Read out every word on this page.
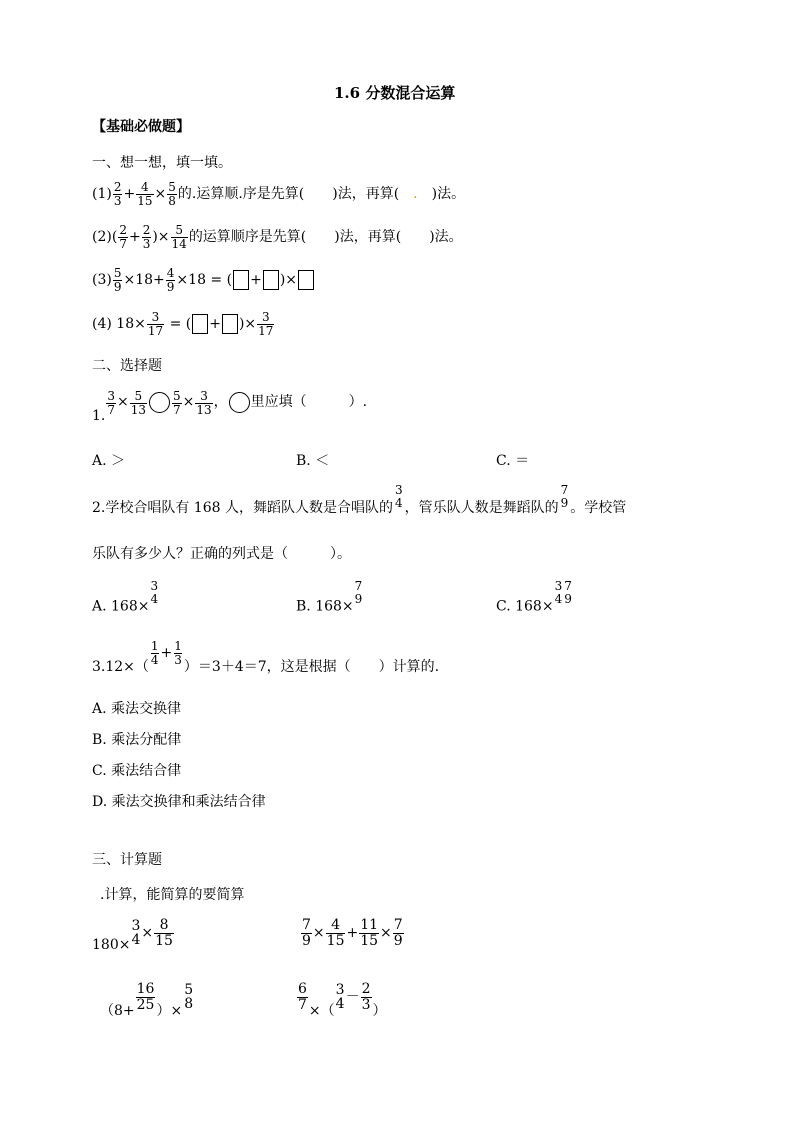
1.6 分数混合运算
【基础必做题】
一、想一想，填一填。
$(1) \frac{2}{3} + \frac{4}{15} \times \frac{5}{8}$ 的.运算顺.序是先算(　　)法，再算(　.　)法。
$(2)( \frac{2}{7} + \frac{2}{3}$ )× $\frac{5}{14}$ 的运算顺序是先算(　　)法，再算(　　)法。
$(3) \frac{5}{9} \times 18+ \frac{4}{9} \times 18$ = ( + )×
(4) $18\times \frac{3}{17}$ = ( + )× $\frac{3}{17}$
二、选择题
1. $\frac{3}{7} \times \frac{5}{13} \frac{5}{7} \times \frac{3}{13}$ ， 里应填（　　　）.
A. ＞	B. ＜	C. ＝
2.学校合唱队有 168 人，舞蹈队人数是合唱队的
3
4 ，管乐队人数是舞蹈队的
7
9 。学校管
乐队有多少人？正确的列式是（　　　）。
A. 168×
3
4	B. 168×
7
9	C. 168×
3
4
7
9
3.12×（
$\frac{1}{4} + \frac{1}{3}$
）＝3＋4＝7，这是根据（　　）计算的.
A. 乘法交换律
B. 乘法分配律
C. 乘法结合律
D. 乘法交换律和乘法结合律
三、计算题
.计算，能简算的要简算
180×
3
$4 \times \frac{8}{15}$	$\frac{7}{9} \times \frac{4}{15} + \frac{11}{15} \times \frac{7}{9}$
（$8+ \frac{16}{25}$ ）×
5
8	$\frac{6}{7}$ ×（
3
$4 - \frac{2}{3}$ ）
